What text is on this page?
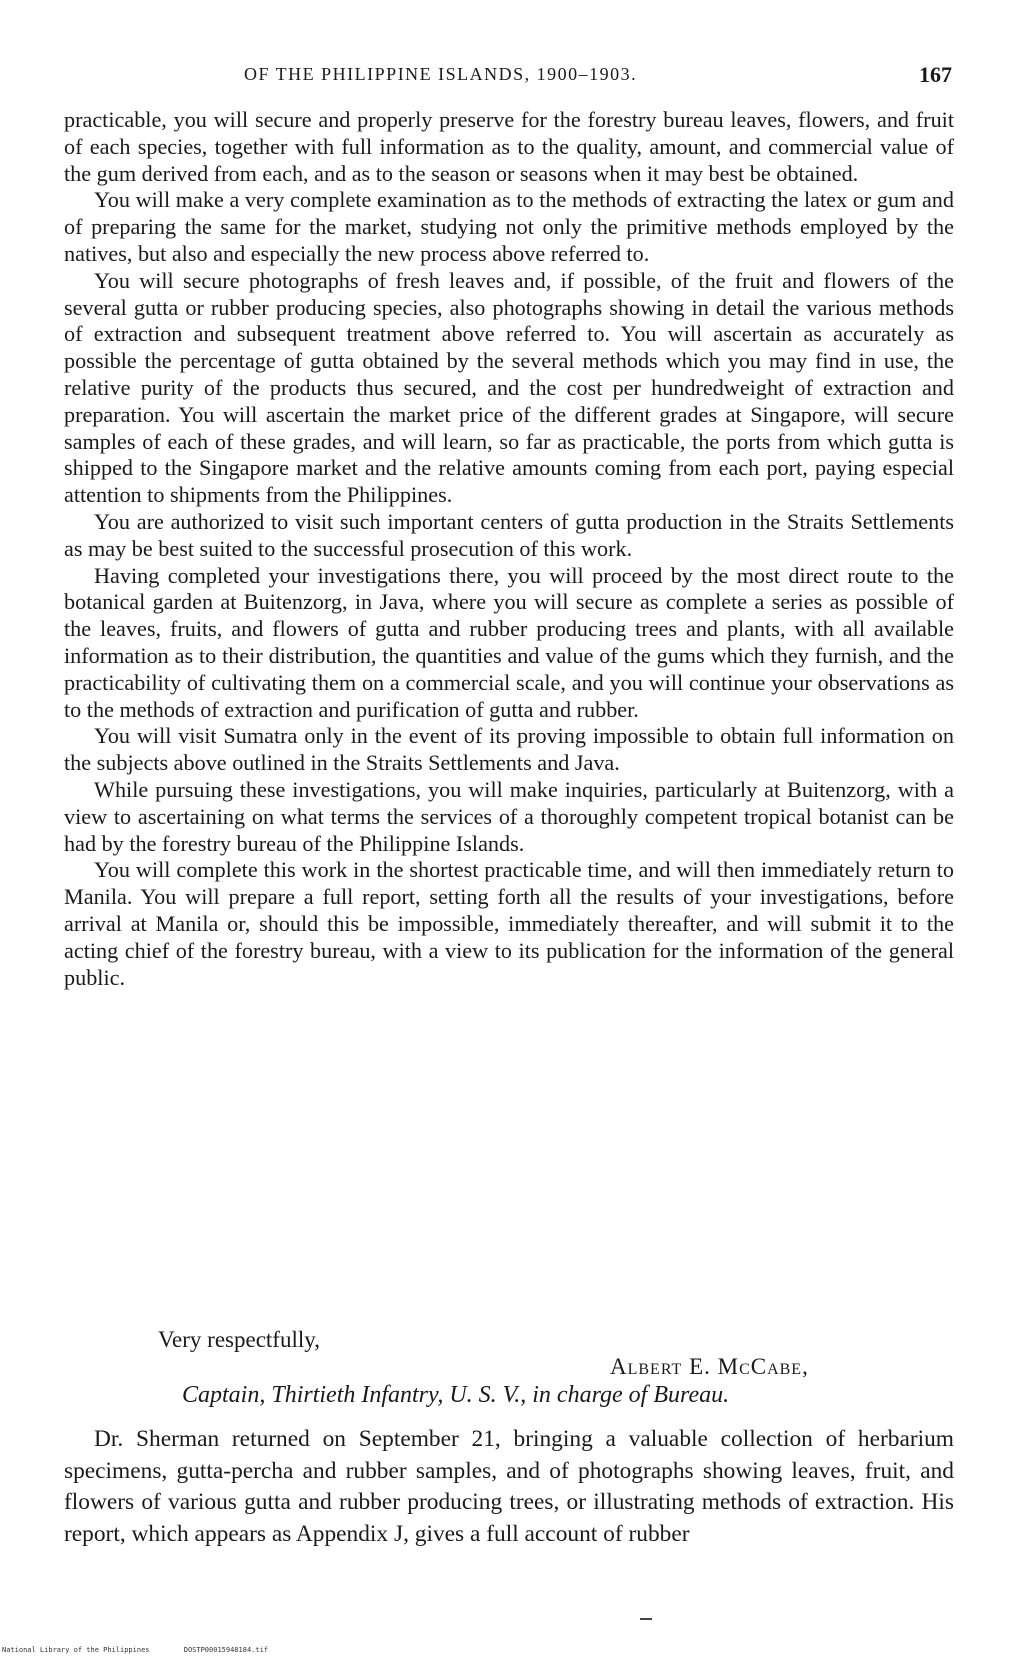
OF THE PHILIPPINE ISLANDS, 1900–1903.	167

practicable, you will secure and properly preserve for the forestry bureau leaves, flowers, and fruit of each species, together with full information as to the quality, amount, and commercial value of the gum derived from each, and as to the season or seasons when it may best be obtained.

You will make a very complete examination as to the methods of extracting the latex or gum and of preparing the same for the market, studying not only the primitive methods employed by the natives, but also and especially the new process above referred to.

You will secure photographs of fresh leaves and, if possible, of the fruit and flowers of the several gutta or rubber producing species, also photographs showing in detail the various methods of extraction and subsequent treatment above referred to. You will ascertain as accurately as possible the percentage of gutta obtained by the several methods which you may find in use, the relative purity of the products thus secured, and the cost per hundredweight of extraction and preparation. You will ascertain the market price of the different grades at Singapore, will secure samples of each of these grades, and will learn, so far as practicable, the ports from which gutta is shipped to the Singapore market and the relative amounts coming from each port, paying especial attention to shipments from the Philippines.

You are authorized to visit such important centers of gutta production in the Straits Settlements as may be best suited to the successful prosecution of this work.

Having completed your investigations there, you will proceed by the most direct route to the botanical garden at Buitenzorg, in Java, where you will secure as complete a series as possible of the leaves, fruits, and flowers of gutta and rubber producing trees and plants, with all available information as to their distribution, the quantities and value of the gums which they furnish, and the practicability of cultivating them on a commercial scale, and you will continue your observations as to the methods of extraction and purification of gutta and rubber.

You will visit Sumatra only in the event of its proving impossible to obtain full information on the subjects above outlined in the Straits Settlements and Java.

While pursuing these investigations, you will make inquiries, particularly at Buitenzorg, with a view to ascertaining on what terms the services of a thoroughly competent tropical botanist can be had by the forestry bureau of the Philippine Islands.

You will complete this work in the shortest practicable time, and will then immediately return to Manila. You will prepare a full report, setting forth all the results of your investigations, before arrival at Manila or, should this be impossible, immediately thereafter, and will submit it to the acting chief of the forestry bureau, with a view to its publication for the information of the general public.

Very respectfully,
Albert E. McCabe,
Captain, Thirtieth Infantry, U. S. V., in charge of Bureau.

Dr. Sherman returned on September 21, bringing a valuable collection of herbarium specimens, gutta-percha and rubber samples, and of photographs showing leaves, fruit, and flowers of various gutta and rubber producing trees, or illustrating methods of extraction. His report, which appears as Appendix J, gives a full account of rubber

National Library of the Philippines	DOSTP00015948184.tif
